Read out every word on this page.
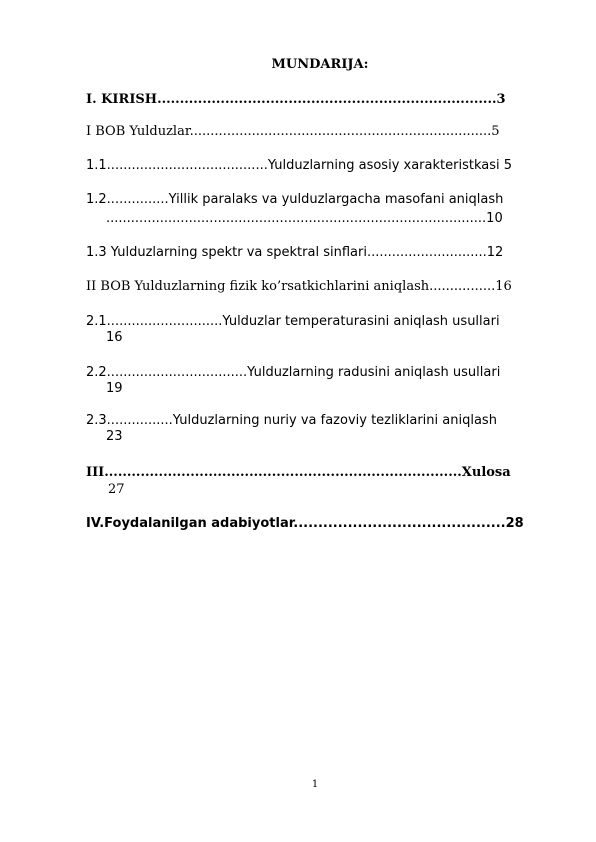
MUNDARIJA:
I. KIRISH...........................................................................3
I BOB Yulduzlar.........................................................................5
1.1.......................................Yulduzlarning asosiy xarakteristkasi 5
1.2...............Yillik paralaks va yulduzlargacha masofani aniqlash
............................................................................................10
1.3 Yulduzlarning spektr va spektral sinflari.............................12
II BOB Yulduzlarning fizik ko’rsatkichlarini aniqlash................16
2.1............................Yulduzlar temperaturasini aniqlash usullari
16
2.2..................................Yulduzlarning radusini aniqlash usullari
19
2.3................Yulduzlarning nuriy va fazoviy tezliklarini aniqlash
23
III...............................................................................Xulosa
27
IV.Foydalanilgan adabiyotlar...........................................28
1
